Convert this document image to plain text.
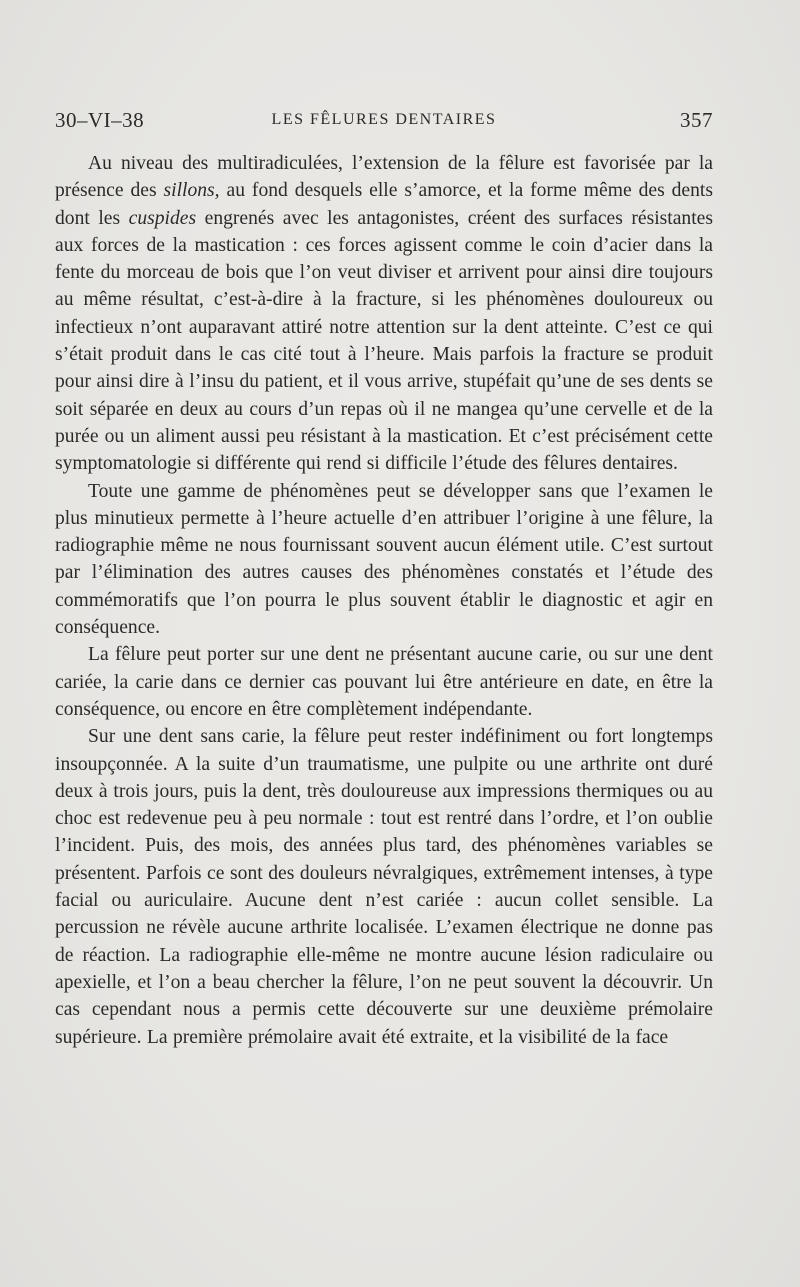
30–VI–38	LES FÊLURES DENTAIRES	357

Au niveau des multiradiculées, l’extension de la fêlure est favorisée par la présence des sillons, au fond desquels elle s’amorce, et la forme même des dents dont les cuspides engrenés avec les antagonistes, créent des surfaces résistantes aux forces de la mastication : ces forces agissent comme le coin d’acier dans la fente du morceau de bois que l’on veut diviser et arrivent pour ainsi dire toujours au même résultat, c’est-à-dire à la fracture, si les phénomènes douloureux ou infectieux n’ont auparavant attiré notre attention sur la dent atteinte. C’est ce qui s’était produit dans le cas cité tout à l’heure. Mais parfois la fracture se produit pour ainsi dire à l’insu du patient, et il vous arrive, stupéfait qu’une de ses dents se soit séparée en deux au cours d’un repas où il ne mangea qu’une cervelle et de la purée ou un aliment aussi peu résistant à la mastication. Et c’est précisément cette symptomatologie si différente qui rend si difficile l’étude des fêlures dentaires.

Toute une gamme de phénomènes peut se développer sans que l’examen le plus minutieux permette à l’heure actuelle d’en attribuer l’origine à une fêlure, la radiographie même ne nous fournissant souvent aucun élément utile. C’est surtout par l’élimination des autres causes des phénomènes constatés et l’étude des commémoratifs que l’on pourra le plus souvent établir le diagnostic et agir en conséquence.

La fêlure peut porter sur une dent ne présentant aucune carie, ou sur une dent cariée, la carie dans ce dernier cas pouvant lui être antérieure en date, en être la conséquence, ou encore en être complètement indépendante.

Sur une dent sans carie, la fêlure peut rester indéfiniment ou fort longtemps insoupçonnée. A la suite d’un traumatisme, une pulpite ou une arthrite ont duré deux à trois jours, puis la dent, très douloureuse aux impressions thermiques ou au choc est redevenue peu à peu normale : tout est rentré dans l’ordre, et l’on oublie l’incident. Puis, des mois, des années plus tard, des phénomènes variables se présentent. Parfois ce sont des douleurs névralgiques, extrêmement intenses, à type facial ou auriculaire. Aucune dent n’est cariée : aucun collet sensible. La percussion ne révèle aucune arthrite localisée. L’examen électrique ne donne pas de réaction. La radiographie elle-même ne montre aucune lésion radiculaire ou apexielle, et l’on a beau chercher la fêlure, l’on ne peut souvent la découvrir. Un cas cependant nous a permis cette découverte sur une deuxième prémolaire supérieure. La première prémolaire avait été extraite, et la visibilité de la face
